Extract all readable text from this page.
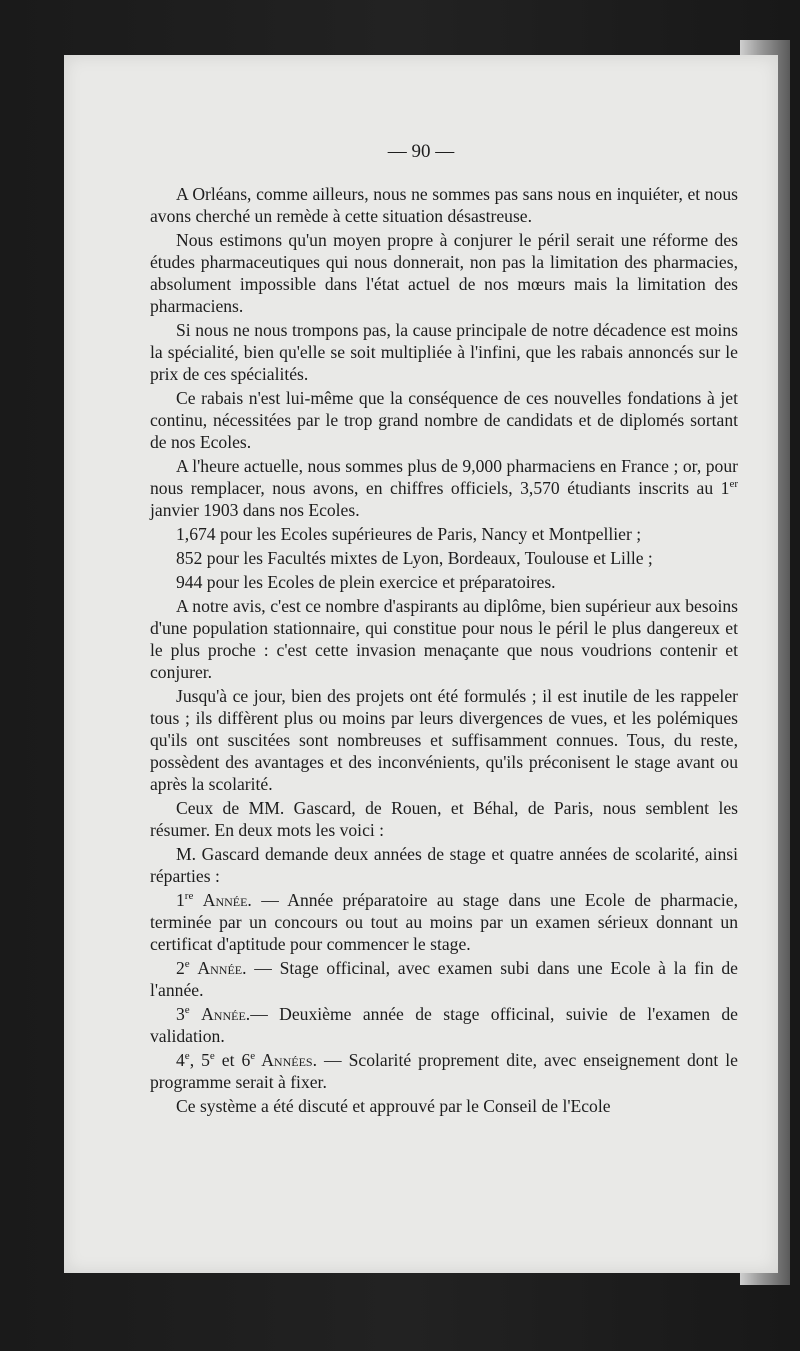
— 90 —

A Orléans, comme ailleurs, nous ne sommes pas sans nous en inquiéter, et nous avons cherché un remède à cette situation désastreuse.

Nous estimons qu'un moyen propre à conjurer le péril serait une réforme des études pharmaceutiques qui nous donnerait, non pas la limitation des pharmacies, absolument impossible dans l'état actuel de nos mœurs mais la limitation des pharmaciens.

Si nous ne nous trompons pas, la cause principale de notre décadence est moins la spécialité, bien qu'elle se soit multipliée à l'infini, que les rabais annoncés sur le prix de ces spécialités.

Ce rabais n'est lui-même que la conséquence de ces nouvelles fondations à jet continu, nécessitées par le trop grand nombre de candidats et de diplomés sortant de nos Ecoles.

A l'heure actuelle, nous sommes plus de 9,000 pharmaciens en France ; or, pour nous remplacer, nous avons, en chiffres officiels, 3,570 étudiants inscrits au 1er janvier 1903 dans nos Ecoles.

1,674 pour les Ecoles supérieures de Paris, Nancy et Montpellier ;

852 pour les Facultés mixtes de Lyon, Bordeaux, Toulouse et Lille ;

944 pour les Ecoles de plein exercice et préparatoires.

A notre avis, c'est ce nombre d'aspirants au diplôme, bien supérieur aux besoins d'une population stationnaire, qui constitue pour nous le péril le plus dangereux et le plus proche : c'est cette invasion menaçante que nous voudrions contenir et conjurer.

Jusqu'à ce jour, bien des projets ont été formulés ; il est inutile de les rappeler tous ; ils diffèrent plus ou moins par leurs divergences de vues, et les polémiques qu'ils ont suscitées sont nombreuses et suffisamment connues. Tous, du reste, possèdent des avantages et des inconvénients, qu'ils préconisent le stage avant ou après la scolarité.

Ceux de MM. Gascard, de Rouen, et Béhal, de Paris, nous semblent les résumer. En deux mots les voici :

M. Gascard demande deux années de stage et quatre années de scolarité, ainsi réparties :

1re Année. — Année préparatoire au stage dans une Ecole de pharmacie, terminée par un concours ou tout au moins par un examen sérieux donnant un certificat d'aptitude pour commencer le stage.

2e Année. — Stage officinal, avec examen subi dans une Ecole à la fin de l'année.

3e Année.— Deuxième année de stage officinal, suivie de l'examen de validation.

4e, 5e et 6e Années. — Scolarité proprement dite, avec enseignement dont le programme serait à fixer.

Ce système a été discuté et approuvé par le Conseil de l'Ecole
